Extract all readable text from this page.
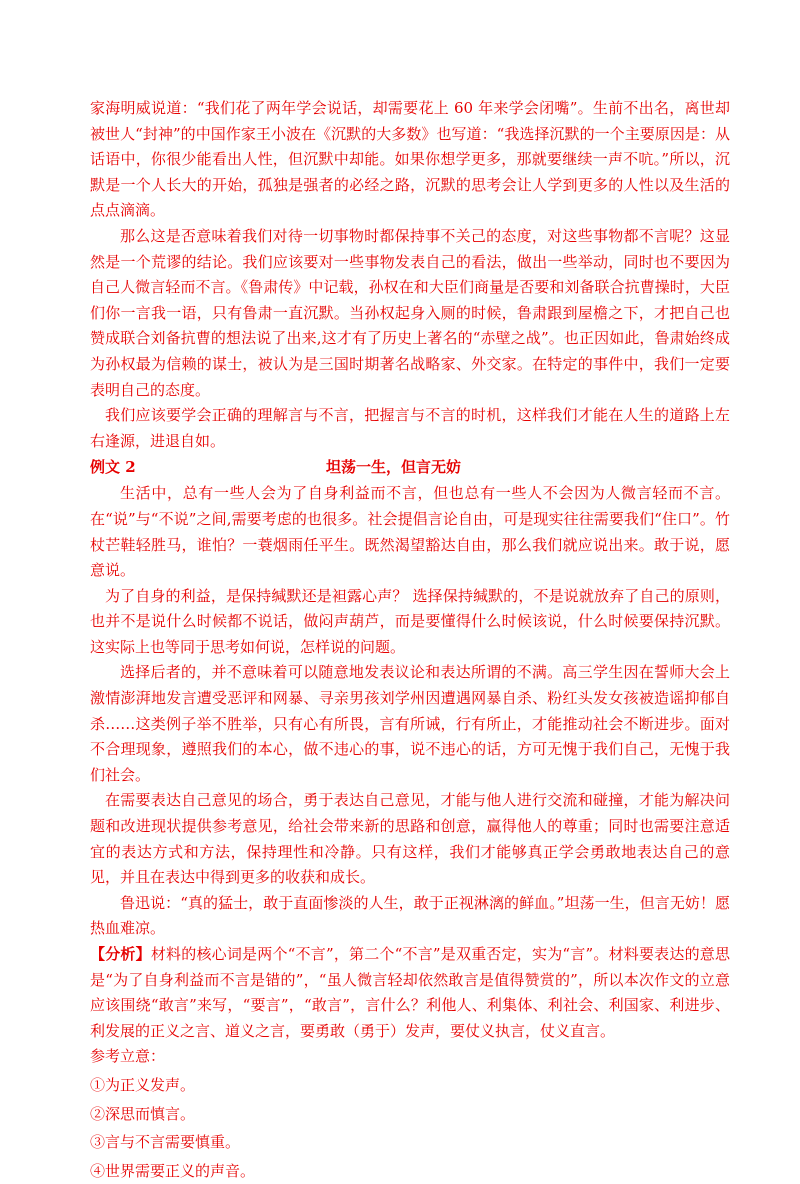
家海明威说道：“我们花了两年学会说话，却需要花上 60 年来学会闭嘴”。生前不出名，离世却被世人“封神”的中国作家王小波在《沉默的大多数》也写道：“我选择沉默的一个主要原因是：从话语中，你很少能看出人性，但沉默中却能。如果你想学更多，那就要继续一声不吭。”所以，沉默是一个人长大的开始，孤独是强者的必经之路，沉默的思考会让人学到更多的人性以及生活的点点滴滴。

那么这是否意味着我们对待一切事物时都保持事不关己的态度，对这些事物都不言呢？这显然是一个荒谬的结论。我们应该要对一些事物发表自己的看法，做出一些举动，同时也不要因为自己人微言轻而不言。《鲁肃传》中记载，孙权在和大臣们商量是否要和刘备联合抗曹操时，大臣们你一言我一语，只有鲁肃一直沉默。当孙权起身入厕的时候，鲁肃跟到屋檐之下，才把自己也赞成联合刘备抗曹的想法说了出来,这才有了历史上著名的“赤壁之战”。也正因如此，鲁肃始终成为孙权最为信赖的谋士，被认为是三国时期著名战略家、外交家。在特定的事件中，我们一定要表明自己的态度。

我们应该要学会正确的理解言与不言，把握言与不言的时机，这样我们才能在人生的道路上左右逢源，进退自如。

例文 2	坦荡一生，但言无妨

生活中，总有一些人会为了自身利益而不言，但也总有一些人不会因为人微言轻而不言。在“说”与“不说”之间,需要考虑的也很多。社会提倡言论自由，可是现实往往需要我们“住口”。竹杖芒鞋轻胜马，谁怕？一蓑烟雨任平生。既然渴望豁达自由，那么我们就应说出来。敢于说，愿意说。

为了自身的利益，是保持缄默还是袒露心声？ 选择保持缄默的，不是说就放弃了自己的原则，也并不是说什么时候都不说话，做闷声葫芦，而是要懂得什么时候该说，什么时候要保持沉默。这实际上也等同于思考如何说，怎样说的问题。

选择后者的，并不意味着可以随意地发表议论和表达所谓的不满。高三学生因在誓师大会上激情澎湃地发言遭受恶评和网暴、寻亲男孩刘学州因遭遇网暴自杀、粉红头发女孩被造谣抑郁自杀……这类例子举不胜举，只有心有所畏，言有所诫，行有所止，才能推动社会不断进步。面对不合理现象，遵照我们的本心，做不违心的事，说不违心的话，方可无愧于我们自己，无愧于我们社会。

在需要表达自己意见的场合，勇于表达自己意见，才能与他人进行交流和碰撞，才能为解决问题和改进现状提供参考意见，给社会带来新的思路和创意，赢得他人的尊重；同时也需要注意适宜的表达方式和方法，保持理性和冷静。只有这样，我们才能够真正学会勇敢地表达自己的意见，并且在表达中得到更多的收获和成长。

鲁迅说：“真的猛士，敢于直面惨淡的人生，敢于正视淋漓的鲜血。”坦荡一生，但言无妨！愿热血难凉。

【分析】材料的核心词是两个“不言”，第二个“不言”是双重否定，实为“言”。材料要表达的意思是“为了自身利益而不言是错的”，“虽人微言轻却依然敢言是值得赞赏的”，所以本次作文的立意应该围绕“敢言”来写，“要言”，“敢言”，言什么？利他人、利集体、利社会、利国家、利进步、利发展的正义之言、道义之言，要勇敢（勇于）发声，要仗义执言，仗义直言。

参考立意：

①为正义发声。

②深思而慎言。

③言与不言需要慎重。

④世界需要正义的声音。
